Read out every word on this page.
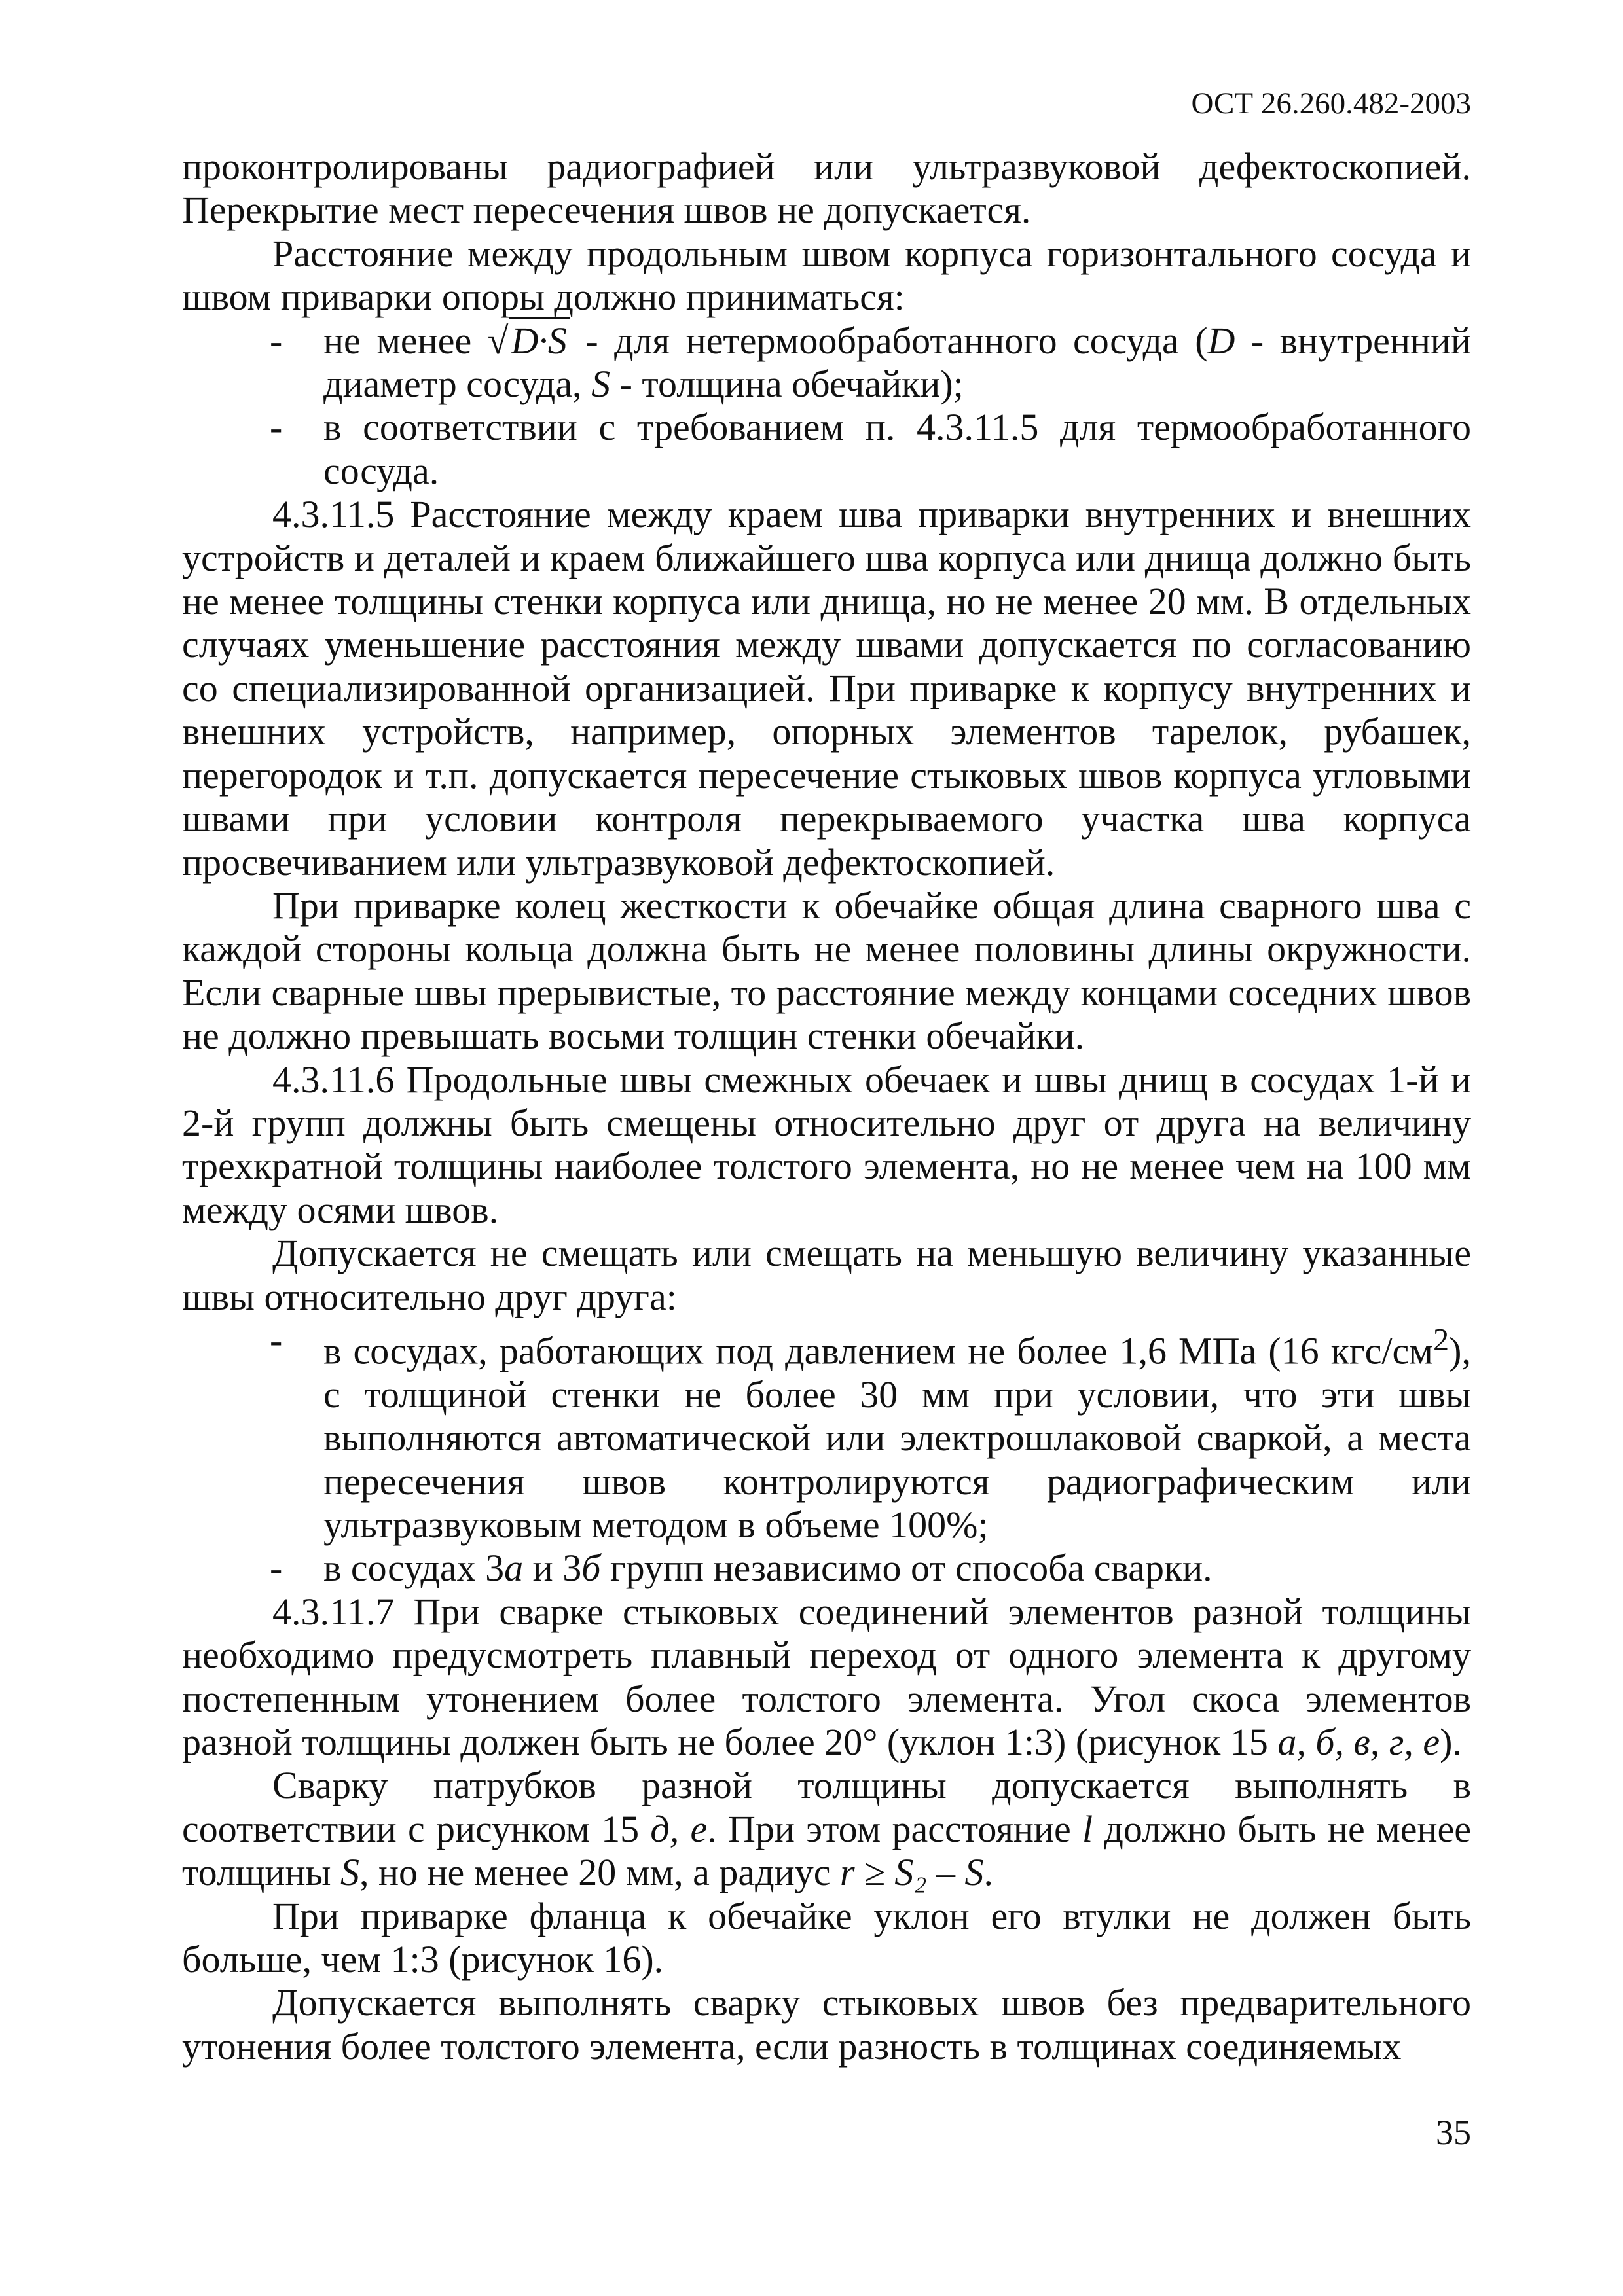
ОСТ 26.260.482-2003

проконтролированы радиографией или ультразвуковой дефектоскопией. Перекрытие мест пересечения швов не допускается.

Расстояние между продольным швом корпуса горизонтального сосуда и швом приварки опоры должно приниматься:

- не менее √D·S - для нетермообработанного сосуда (D - внутренний диаметр сосуда, S - толщина обечайки);
- в соответствии с требованием п. 4.3.11.5 для термообработанного сосуда.

4.3.11.5 Расстояние между краем шва приварки внутренних и внешних устройств и деталей и краем ближайшего шва корпуса или днища должно быть не менее толщины стенки корпуса или днища, но не менее 20 мм. В отдельных случаях уменьшение расстояния между швами допускается по согласованию со специализированной организацией. При приварке к корпусу внутренних и внешних устройств, например, опорных элементов тарелок, рубашек, перегородок и т.п. допускается пересечение стыковых швов корпуса угловыми швами при условии контроля перекрываемого участка шва корпуса просвечиванием или ультразвуковой дефектоскопией.

При приварке колец жесткости к обечайке общая длина сварного шва с каждой стороны кольца должна быть не менее половины длины окружности. Если сварные швы прерывистые, то расстояние между концами соседних швов не должно превышать восьми толщин стенки обечайки.

4.3.11.6 Продольные швы смежных обечаек и швы днищ в сосудах 1-й и 2-й групп должны быть смещены относительно друг от друга на величину трехкратной толщины наиболее толстого элемента, но не менее чем на 100 мм между осями швов.

Допускается не смещать или смещать на меньшую величину указанные швы относительно друг друга:

- в сосудах, работающих под давлением не более 1,6 МПа (16 кгс/$см^2$), с толщиной стенки не более 30 мм при условии, что эти швы выполняются автоматической или электрошлаковой сваркой, а места пересечения швов контролируются радиографическим или ультразвуковым методом в объеме 100%;
- в сосудах 3а и 3б групп независимо от способа сварки.

4.3.11.7 При сварке стыковых соединений элементов разной толщины необходимо предусмотреть плавный переход от одного элемента к другому постепенным утонением более толстого элемента. Угол скоса элементов разной толщины должен быть не более 20° (уклон 1:3) (рисунок 15 а, б, в, г, е).

Сварку патрубков разной толщины допускается выполнять в соответствии с рисунком 15 д, е. При этом расстояние l должно быть не менее толщины S, но не менее 20 мм, а радиус r ≥ S₂ – S.

При приварке фланца к обечайке уклон его втулки не должен быть больше, чем 1:3 (рисунок 16).

Допускается выполнять сварку стыковых швов без предварительного утонения более толстого элемента, если разность в толщинах соединяемых

35
